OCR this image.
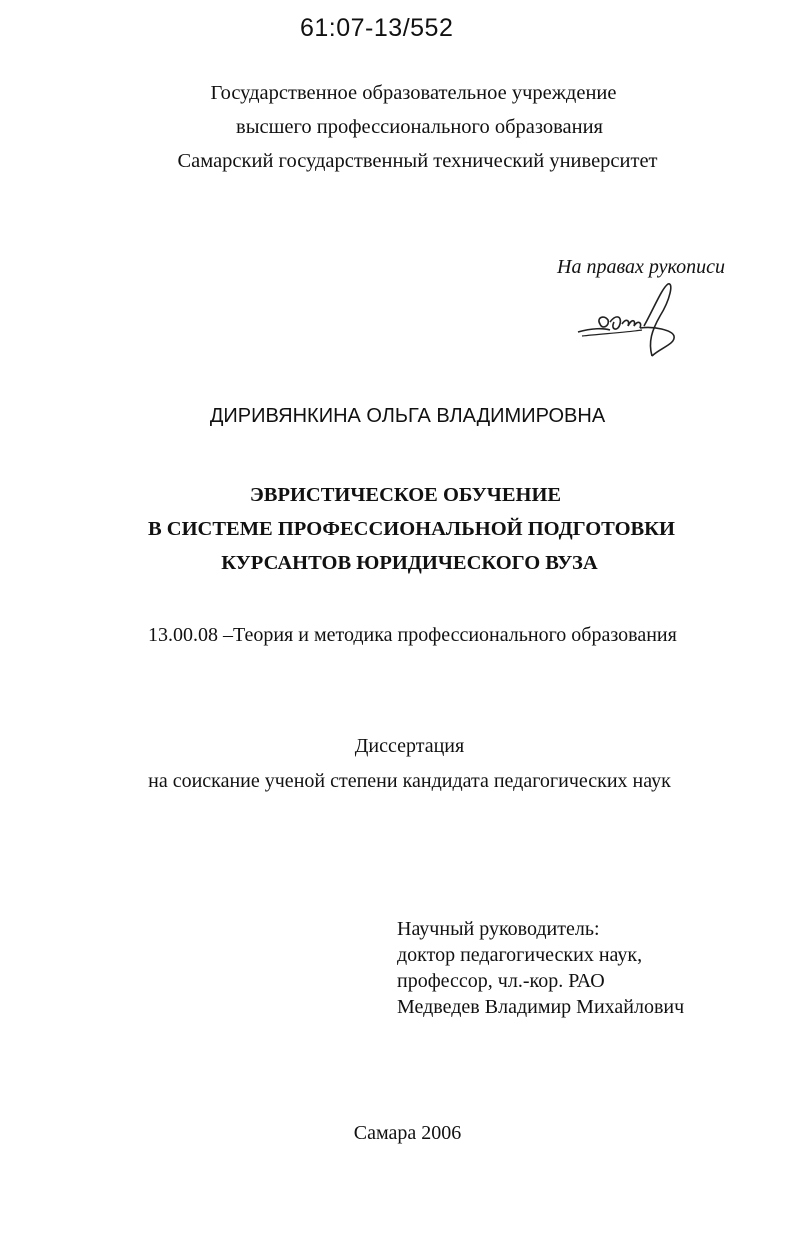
61:07-13/552
Государственное образовательное учреждение
высшего профессионального образования
Самарский государственный технический университет
На правах рукописи
ДИРИВЯНКИНА ОЛЬГА ВЛАДИМИРОВНА
ЭВРИСТИЧЕСКОЕ ОБУЧЕНИЕ
В СИСТЕМЕ ПРОФЕССИОНАЛЬНОЙ ПОДГОТОВКИ
КУРСАНТОВ ЮРИДИЧЕСКОГО ВУЗА
13.00.08 –Теория и методика профессионального образования
Диссертация
на соискание ученой степени кандидата педагогических наук
Научный руководитель:
доктор педагогических наук,
профессор, чл.-кор. РАО
Медведев Владимир Михайлович
Самара 2006
